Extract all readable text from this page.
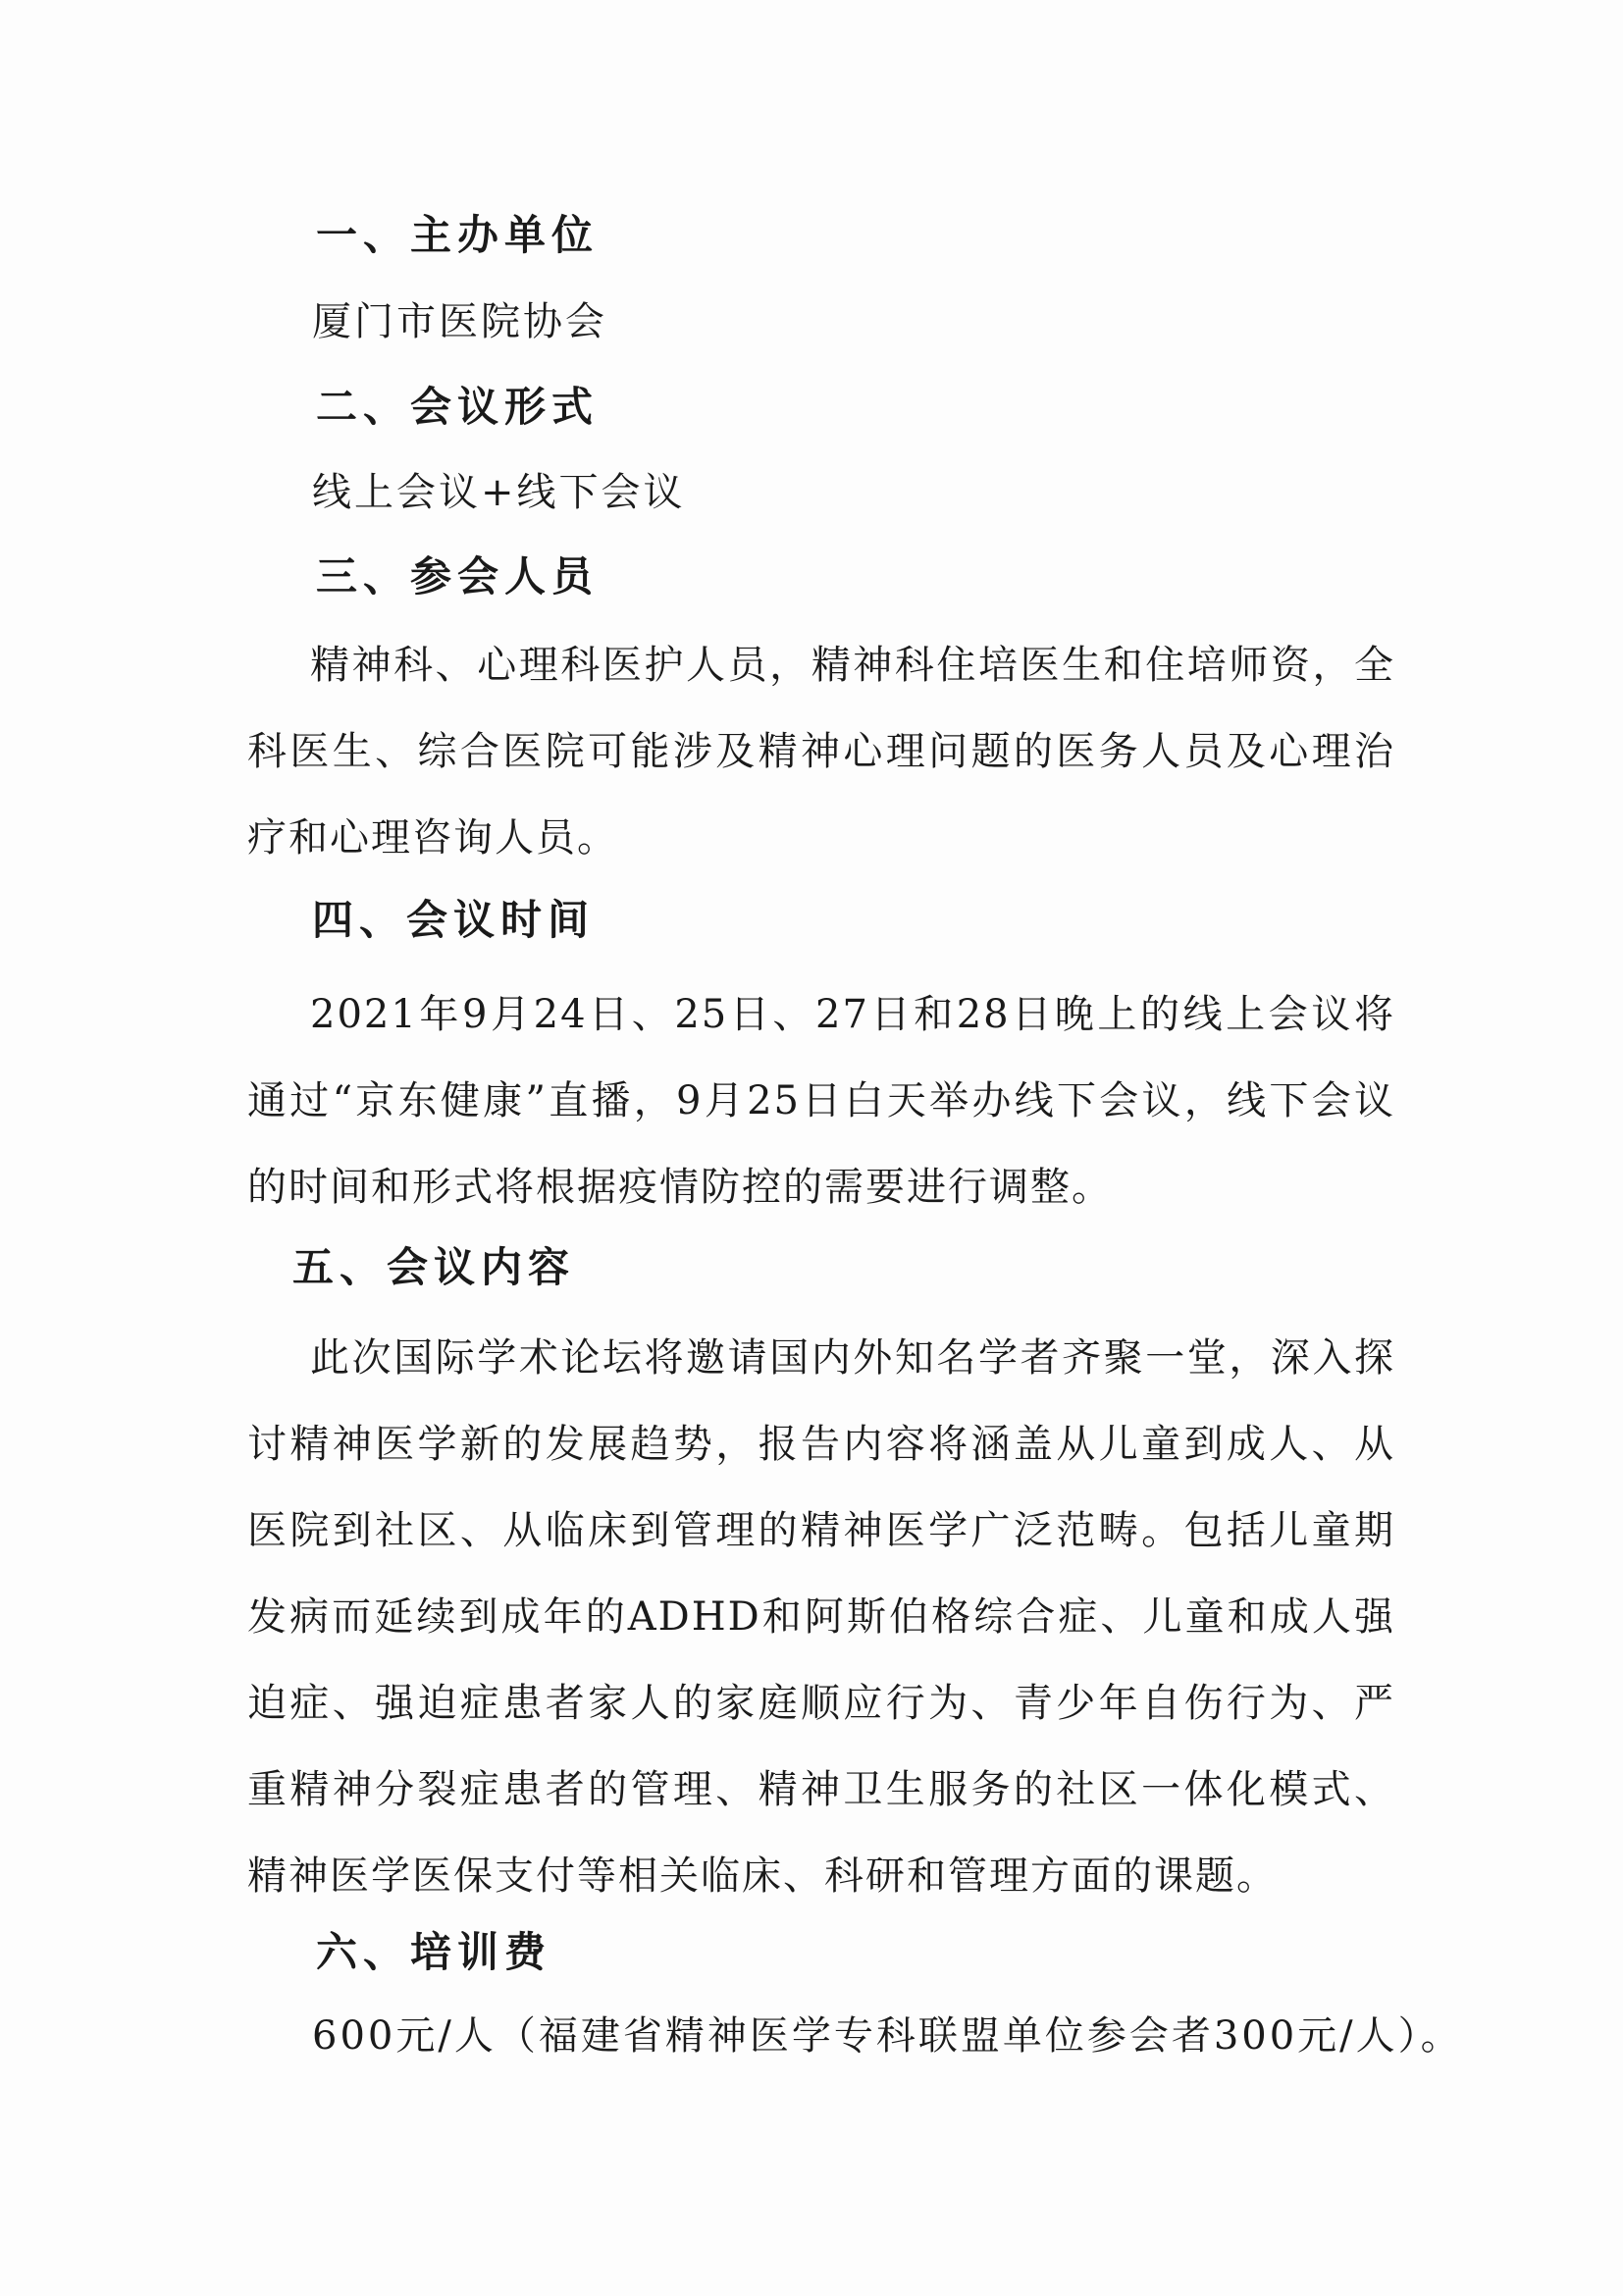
一、主办单位
厦门市医院协会
二、会议形式
线上会议+线下会议
三、参会人员

精神科、心理科医护人员，精神科住培医生和住培师资，全科医生、综合医院可能涉及精神心理问题的医务人员及心理治疗和心理咨询人员。

四、会议时间

2021年9月24日、25日、27日和28日晚上的线上会议将通过“京东健康”直播，9月25日白天举办线下会议，线下会议的时间和形式将根据疫情防控的需要进行调整。

五、会议内容

此次国际学术论坛将邀请国内外知名学者齐聚一堂，深入探讨精神医学新的发展趋势，报告内容将涵盖从儿童到成人、从医院到社区、从临床到管理的精神医学广泛范畴。包括儿童期发病而延续到成年的ADHD和阿斯伯格综合症、儿童和成人强迫症、强迫症患者家人的家庭顺应行为、青少年自伤行为、严重精神分裂症患者的管理、精神卫生服务的社区一体化模式、精神医学医保支付等相关临床、科研和管理方面的课题。

六、培训费
600元/人（福建省精神医学专科联盟单位参会者300元/人）。
